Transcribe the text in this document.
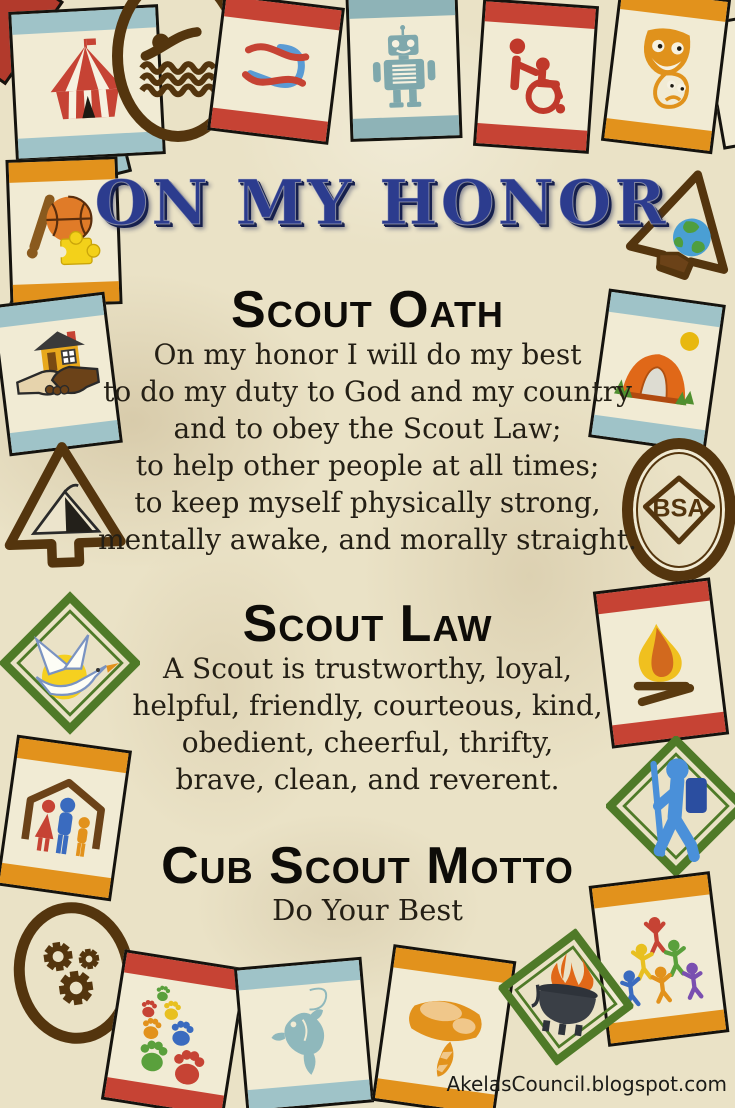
BSA
ON MY HONOR
Scout Oath
On my honor I will do my best
to do my duty to God and my country
and to obey the Scout Law;
to help other people at all times;
to keep myself physically strong,
mentally awake, and morally straight.
Scout Law
A Scout is trustworthy, loyal,
helpful, friendly, courteous, kind,
obedient, cheerful, thrifty,
brave, clean, and reverent.
Cub Scout Motto
Do Your Best
AkelasCouncil.blogspot.com
